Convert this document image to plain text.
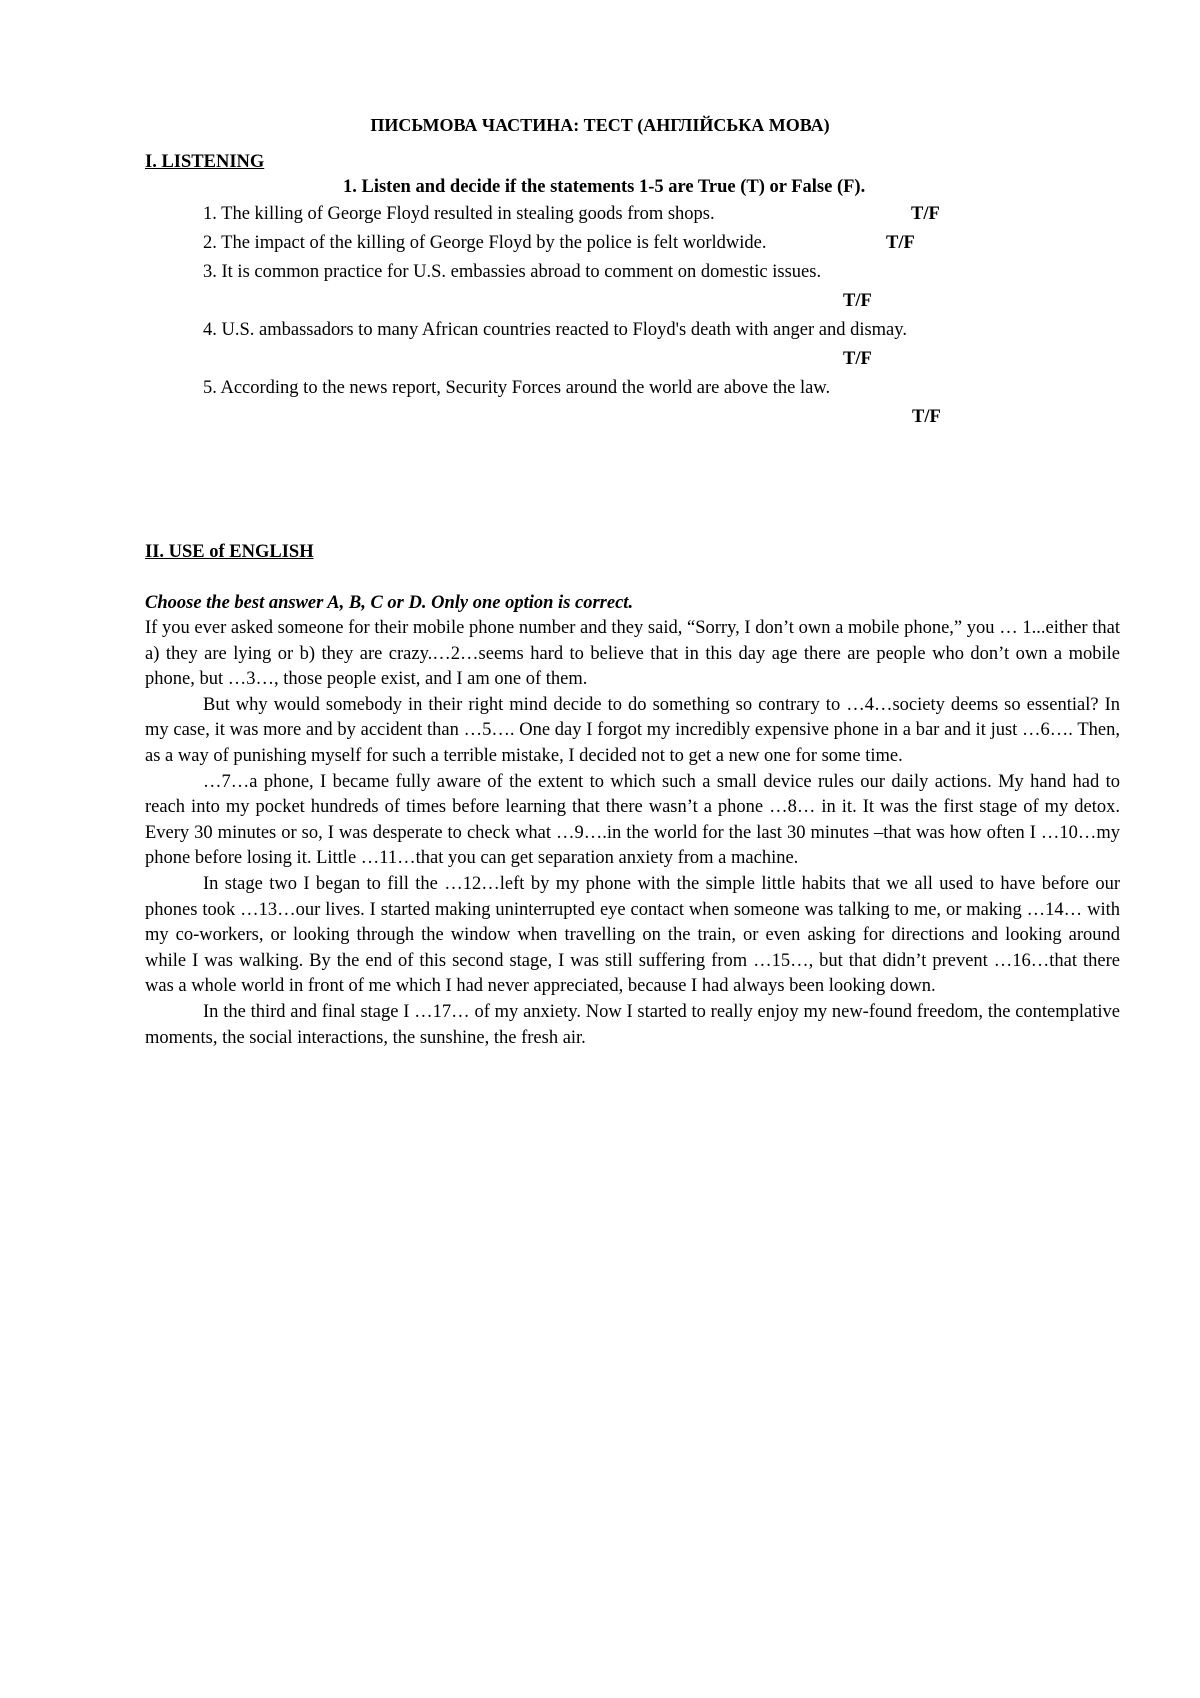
ПИСЬМОВА ЧАСТИНА: ТЕСТ (АНГЛІЙСЬКА МОВА)
I. LISTENING
1. Listen and decide if the statements 1-5 are True (T) or False (F).
1. The killing of George Floyd resulted in stealing goods from shops.	T/F
2. The impact of the killing of George Floyd by the police is felt worldwide.	T/F
3. It is common practice for U.S. embassies abroad to comment on domestic issues.
T/F
4. U.S. ambassadors to many African countries reacted to Floyd's death with anger and dismay.
T/F
5. According to the news report, Security Forces around the world are above the law.
T/F
II. USE of ENGLISH
Choose the best answer A, B, C or D. Only one option is correct.

If you ever asked someone for their mobile phone number and they said, “Sorry, I don’t own a mobile phone,” you … 1...either that a) they are lying or b) they are crazy.…2…seems hard to believe that in this day age there are people who don’t own a mobile phone, but …3…, those people exist, and I am one of them.

But why would somebody in their right mind decide to do something so contrary to …4…society deems so essential? In my case, it was more and by accident than …5…. One day I forgot my incredibly expensive phone in a bar and it just …6…. Then, as a way of punishing myself for such a terrible mistake, I decided not to get a new one for some time.

…7…a phone, I became fully aware of the extent to which such a small device rules our daily actions. My hand had to reach into my pocket hundreds of times before learning that there wasn’t a phone …8… in it. It was the first stage of my detox. Every 30 minutes or so, I was desperate to check what …9….in the world for the last 30 minutes –that was how often I …10…my phone before losing it. Little …11…that you can get separation anxiety from a machine.

In stage two I began to fill the …12…left by my phone with the simple little habits that we all used to have before our phones took …13…our lives. I started making uninterrupted eye contact when someone was talking to me, or making …14… with my co-workers, or looking through the window when travelling on the train, or even asking for directions and looking around while I was walking. By the end of this second stage, I was still suffering from …15…, but that didn’t prevent …16…that there was a whole world in front of me which I had never appreciated, because I had always been looking down.

In the third and final stage I …17… of my anxiety. Now I started to really enjoy my new-found freedom, the contemplative moments, the social interactions, the sunshine, the fresh air.
